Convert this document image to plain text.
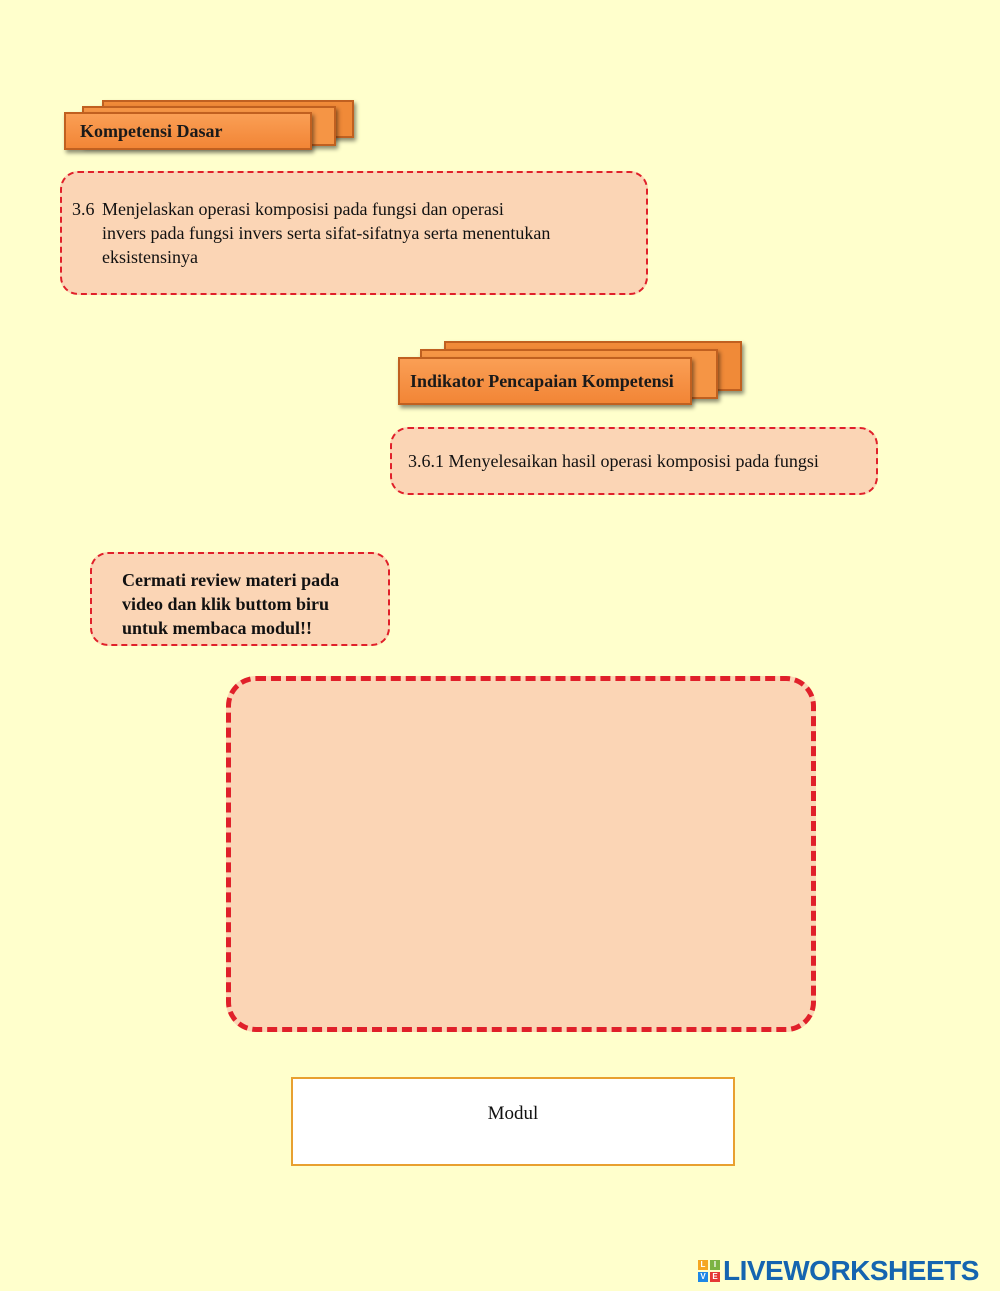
Kompetensi Dasar
3.6 Menjelaskan operasi komposisi pada fungsi dan operasi
invers pada fungsi invers serta sifat-sifatnya serta menentukan
eksistensinya
Indikator Pencapaian Kompetensi
3.6.1 Menyelesaikan hasil operasi komposisi pada fungsi
Cermati review materi pada
video dan klik buttom biru
untuk membaca modul!!
Modul
L	I
V E LIVEWORKSHEETS
